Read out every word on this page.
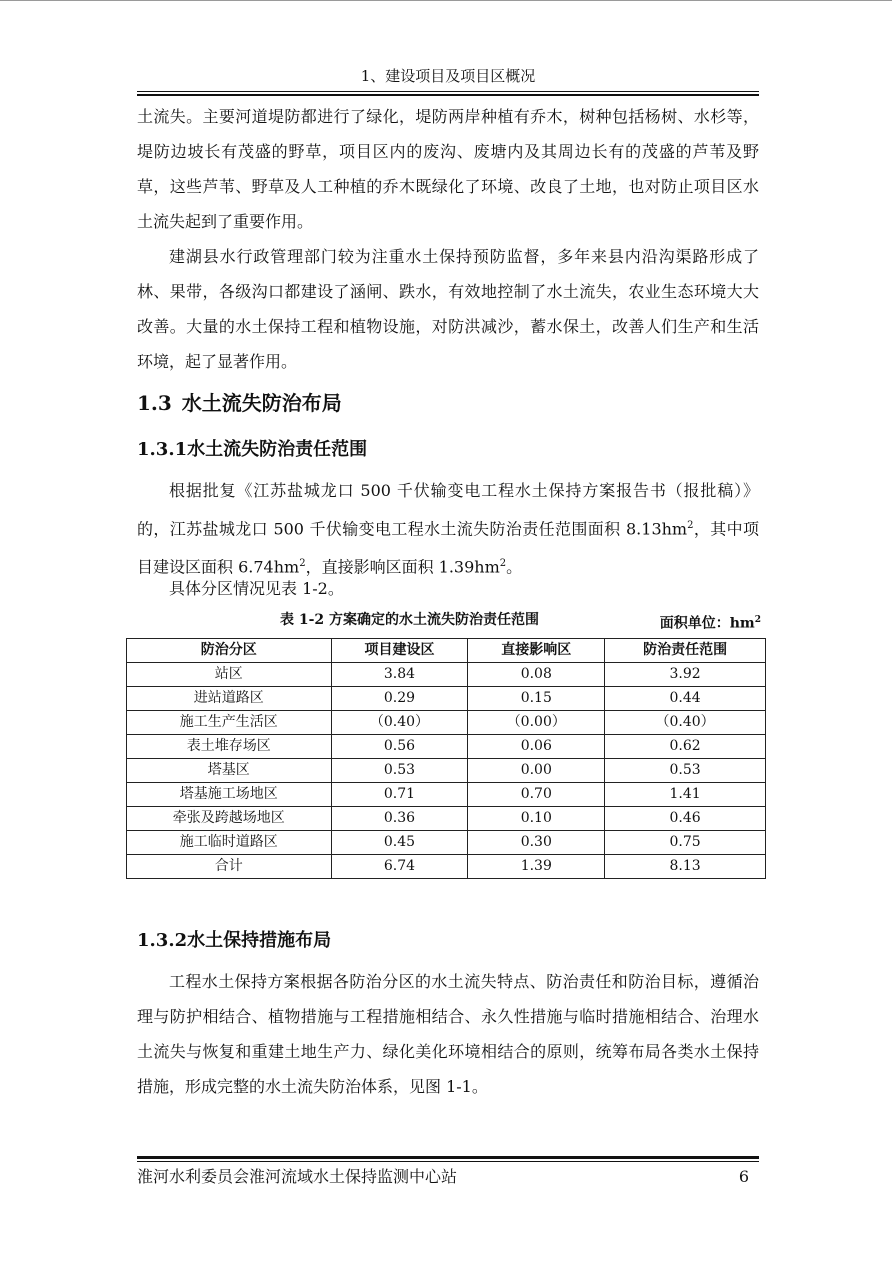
1、建设项目及项目区概况

土流失。主要河道堤防都进行了绿化，堤防两岸种植有乔木，树种包括杨树、水杉等，堤防边坡长有茂盛的野草，项目区内的废沟、废塘内及其周边长有的茂盛的芦苇及野草，这些芦苇、野草及人工种植的乔木既绿化了环境、改良了土地，也对防止项目区水土流失起到了重要作用。

建湖县水行政管理部门较为注重水土保持预防监督，多年来县内沿沟渠路形成了林、果带，各级沟口都建设了涵闸、跌水，有效地控制了水土流失，农业生态环境大大改善。大量的水土保持工程和植物设施，对防洪减沙，蓄水保土，改善人们生产和生活环境，起了显著作用。

1.3 水土流失防治布局
1.3.1水土流失防治责任范围

根据批复《江苏盐城龙口 500 千伏输变电工程水土保持方案报告书（报批稿）》的，江苏盐城龙口 500 千伏输变电工程水土流失防治责任范围面积 $8.13hm^2$，其中项目建设区面积 $6.74hm^2$，直接影响区面积 $1.39hm^2$。

具体分区情况见表 1-2。

表 1-2 方案确定的水土流失防治责任范围	面积单位：$hm^2$
防治分区	项目建设区	直接影响区	防治责任范围
站区	3.84	0.08	3.92
进站道路区	0.29	0.15	0.44
施工生产生活区	（0.40）	（0.00）	（0.40）
表土堆存场区	0.56	0.06	0.62
塔基区	0.53	0.00	0.53
塔基施工场地区	0.71	0.70	1.41
牵张及跨越场地区	0.36	0.10	0.46
施工临时道路区	0.45	0.30	0.75
合计	6.74	1.39	8.13
1.3.2水土保持措施布局

工程水土保持方案根据各防治分区的水土流失特点、防治责任和防治目标，遵循治理与防护相结合、植物措施与工程措施相结合、永久性措施与临时措施相结合、治理水土流失与恢复和重建土地生产力、绿化美化环境相结合的原则，统筹布局各类水土保持措施，形成完整的水土流失防治体系，见图 1-1。

淮河水利委员会淮河流域水土保持监测中心站	6
